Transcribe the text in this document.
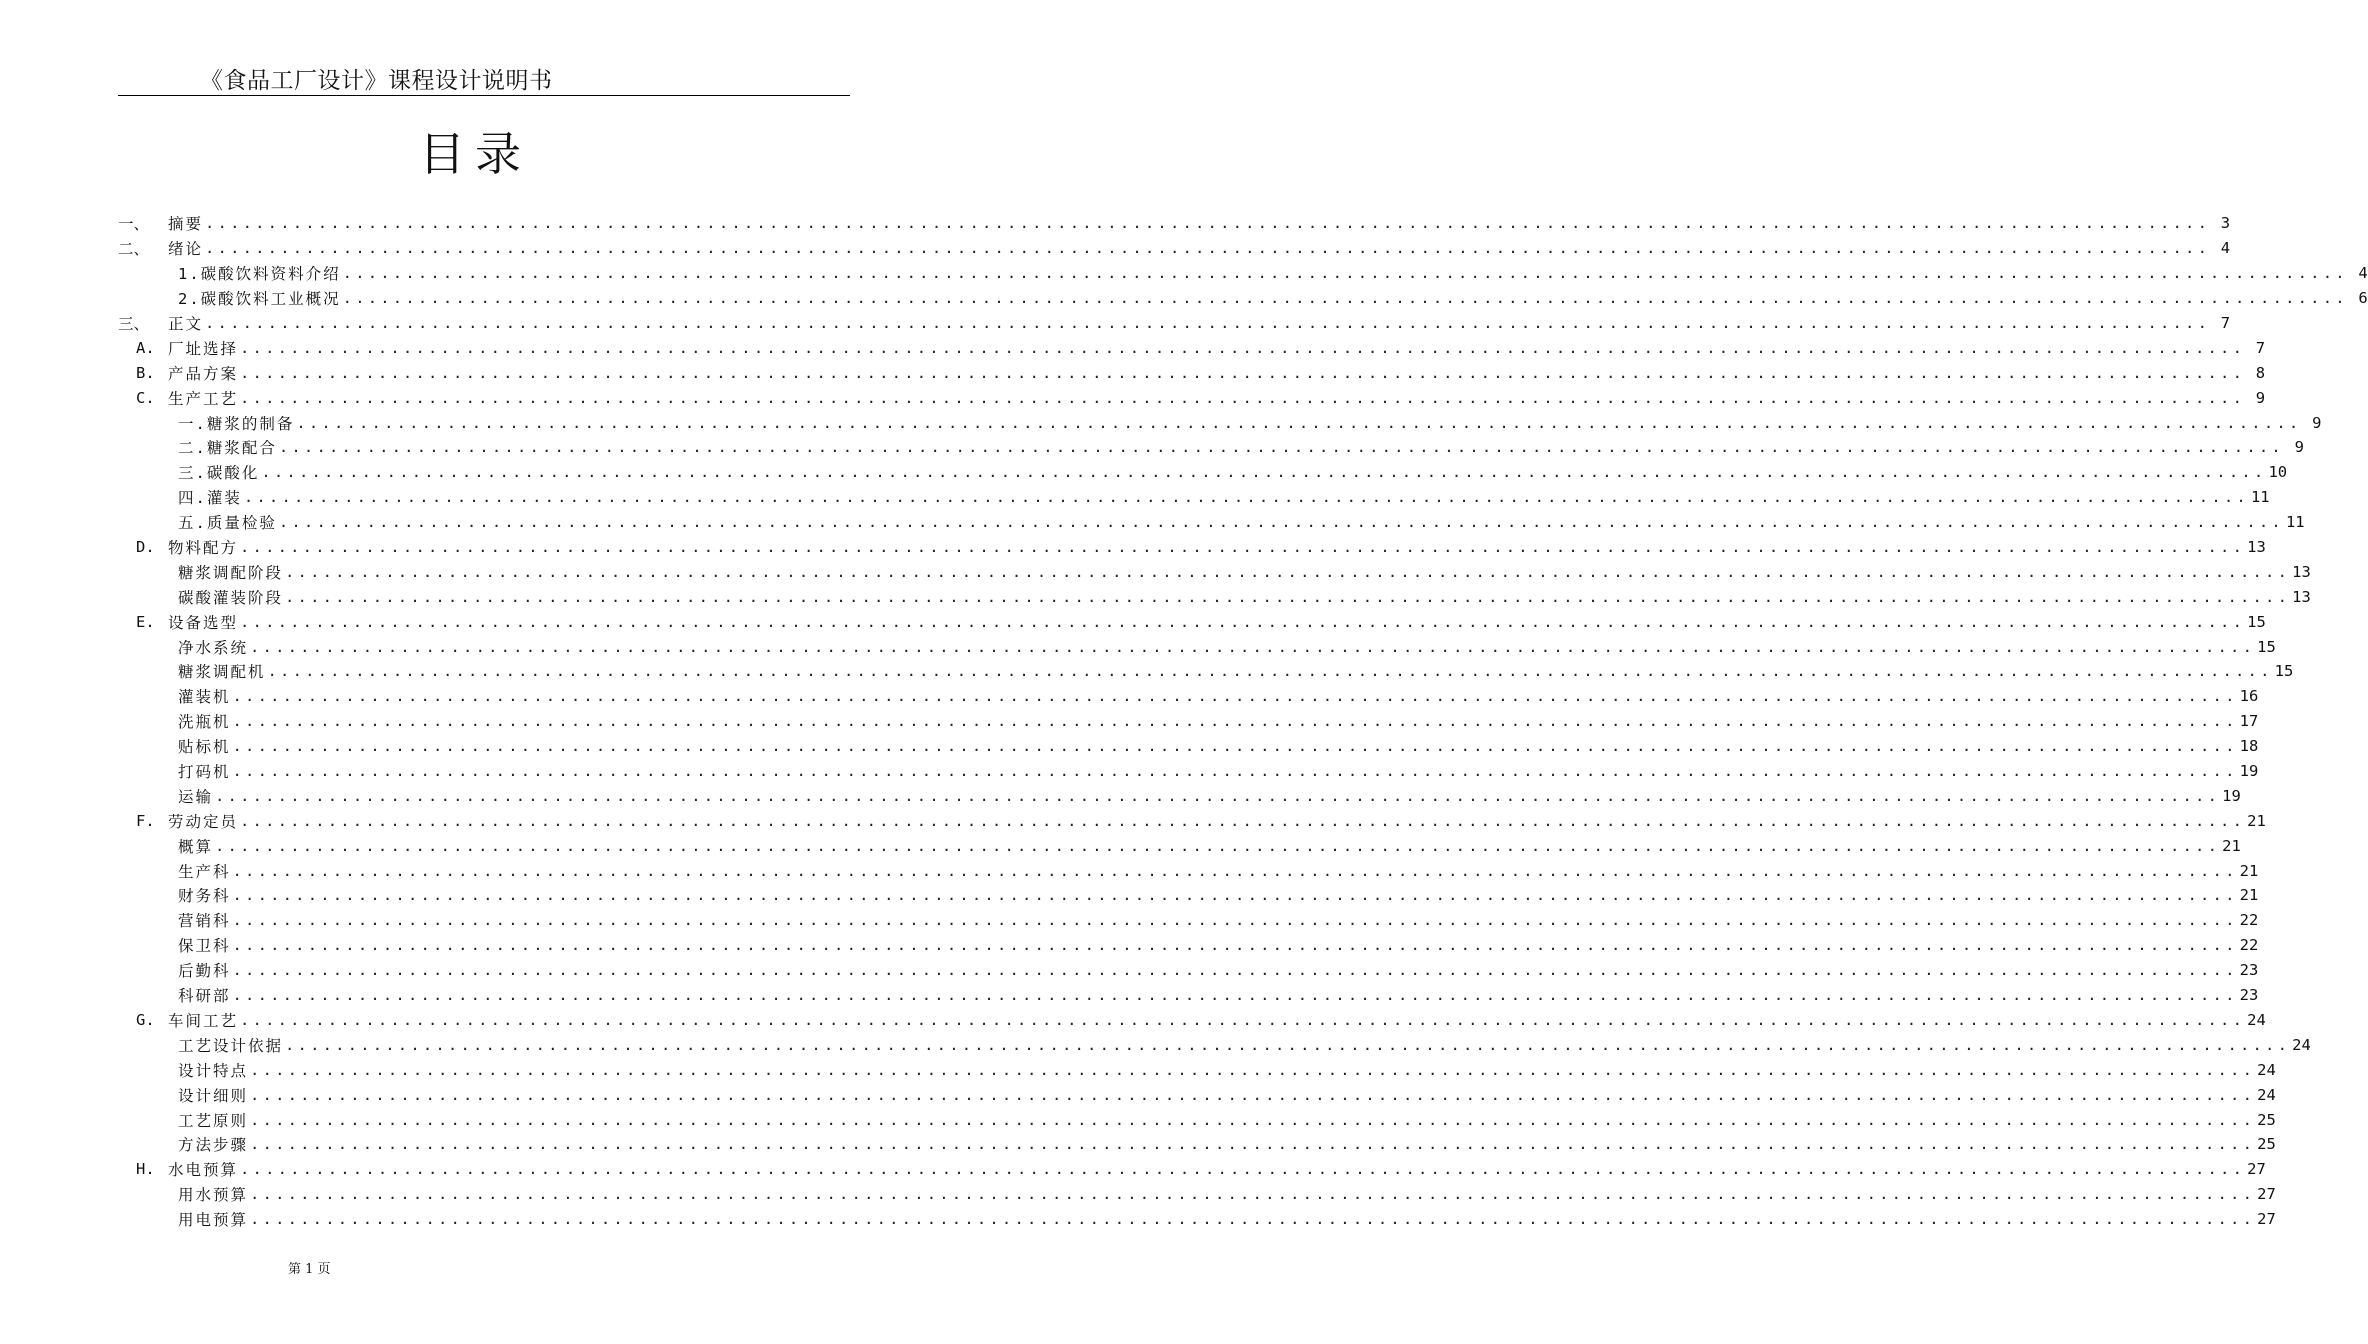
《食品工厂设计》课程设计说明书
目录
一、 摘要 ................................................................................................................................................................ 3
二、 绪论 ................................................................................................................................................................ 4
1.碳酸饮料资料介绍 ................................................................................................................................................................ 4
2.碳酸饮料工业概况 ................................................................................................................................................................ 6
三、 正文 ................................................................................................................................................................ 7
A. 厂址选择 ................................................................................................................................................................ 7
B. 产品方案 ................................................................................................................................................................ 8
C. 生产工艺 ................................................................................................................................................................ 9
一.糖浆的制备 ................................................................................................................................................................ 9
二.糖浆配合 ................................................................................................................................................................ 9
三.碳酸化 ................................................................................................................................................................ 10
四.灌装 ................................................................................................................................................................ 11
五.质量检验 ................................................................................................................................................................ 11
D. 物料配方 ................................................................................................................................................................ 13
糖浆调配阶段 ................................................................................................................................................................ 13
碳酸灌装阶段 ................................................................................................................................................................ 13
E. 设备选型 ................................................................................................................................................................ 15
净水系统 ................................................................................................................................................................ 15
糖浆调配机 ................................................................................................................................................................ 15
灌装机 ................................................................................................................................................................ 16
洗瓶机 ................................................................................................................................................................ 17
贴标机 ................................................................................................................................................................ 18
打码机 ................................................................................................................................................................ 19
运输 ................................................................................................................................................................ 19
F. 劳动定员 ................................................................................................................................................................ 21
概算 ................................................................................................................................................................ 21
生产科 ................................................................................................................................................................ 21
财务科 ................................................................................................................................................................ 21
营销科 ................................................................................................................................................................ 22
保卫科 ................................................................................................................................................................ 22
后勤科 ................................................................................................................................................................ 23
科研部 ................................................................................................................................................................ 23
G. 车间工艺 ................................................................................................................................................................ 24
工艺设计依据 ................................................................................................................................................................ 24
设计特点 ................................................................................................................................................................ 24
设计细则 ................................................................................................................................................................ 24
工艺原则 ................................................................................................................................................................ 25
方法步骤 ................................................................................................................................................................ 25
H. 水电预算 ................................................................................................................................................................ 27
用水预算 ................................................................................................................................................................ 27
用电预算 ................................................................................................................................................................ 27
第 1 页
